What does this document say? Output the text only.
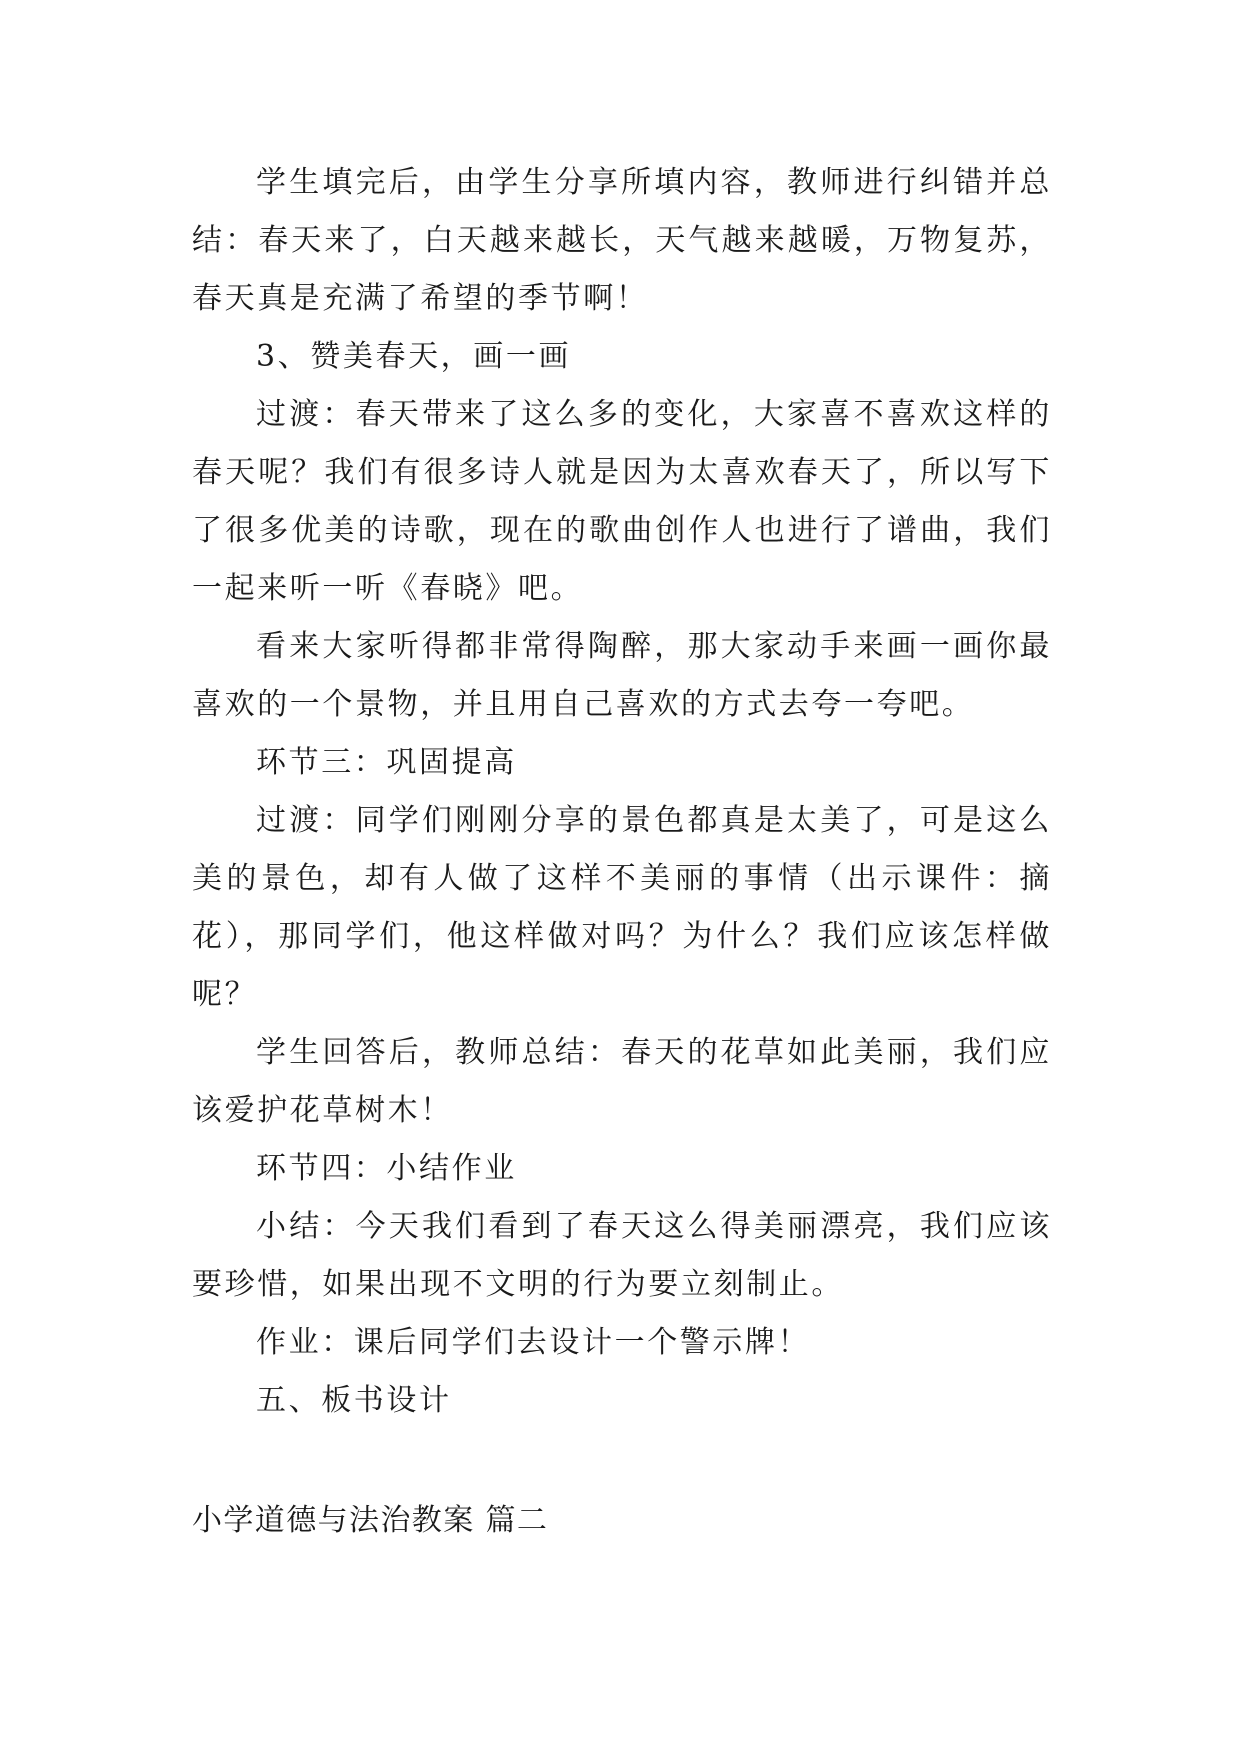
学生填完后，由学生分享所填内容，教师进行纠错并总
结：春天来了，白天越来越长，天气越来越暖，万物复苏，
春天真是充满了希望的季节啊！
3、赞美春天，画一画
过渡：春天带来了这么多的变化，大家喜不喜欢这样的
春天呢？我们有很多诗人就是因为太喜欢春天了，所以写下
了很多优美的诗歌，现在的歌曲创作人也进行了谱曲，我们
一起来听一听《春晓》吧。
看来大家听得都非常得陶醉，那大家动手来画一画你最
喜欢的一个景物，并且用自己喜欢的方式去夸一夸吧。
环节三：巩固提高
过渡：同学们刚刚分享的景色都真是太美了，可是这么
美的景色，却有人做了这样不美丽的事情（出示课件：摘
花），那同学们，他这样做对吗？为什么？我们应该怎样做
呢？
学生回答后，教师总结：春天的花草如此美丽，我们应
该爱护花草树木！
环节四：小结作业
小结：今天我们看到了春天这么得美丽漂亮，我们应该
要珍惜，如果出现不文明的行为要立刻制止。
作业：课后同学们去设计一个警示牌！
五、板书设计
小学道德与法治教案 篇二
